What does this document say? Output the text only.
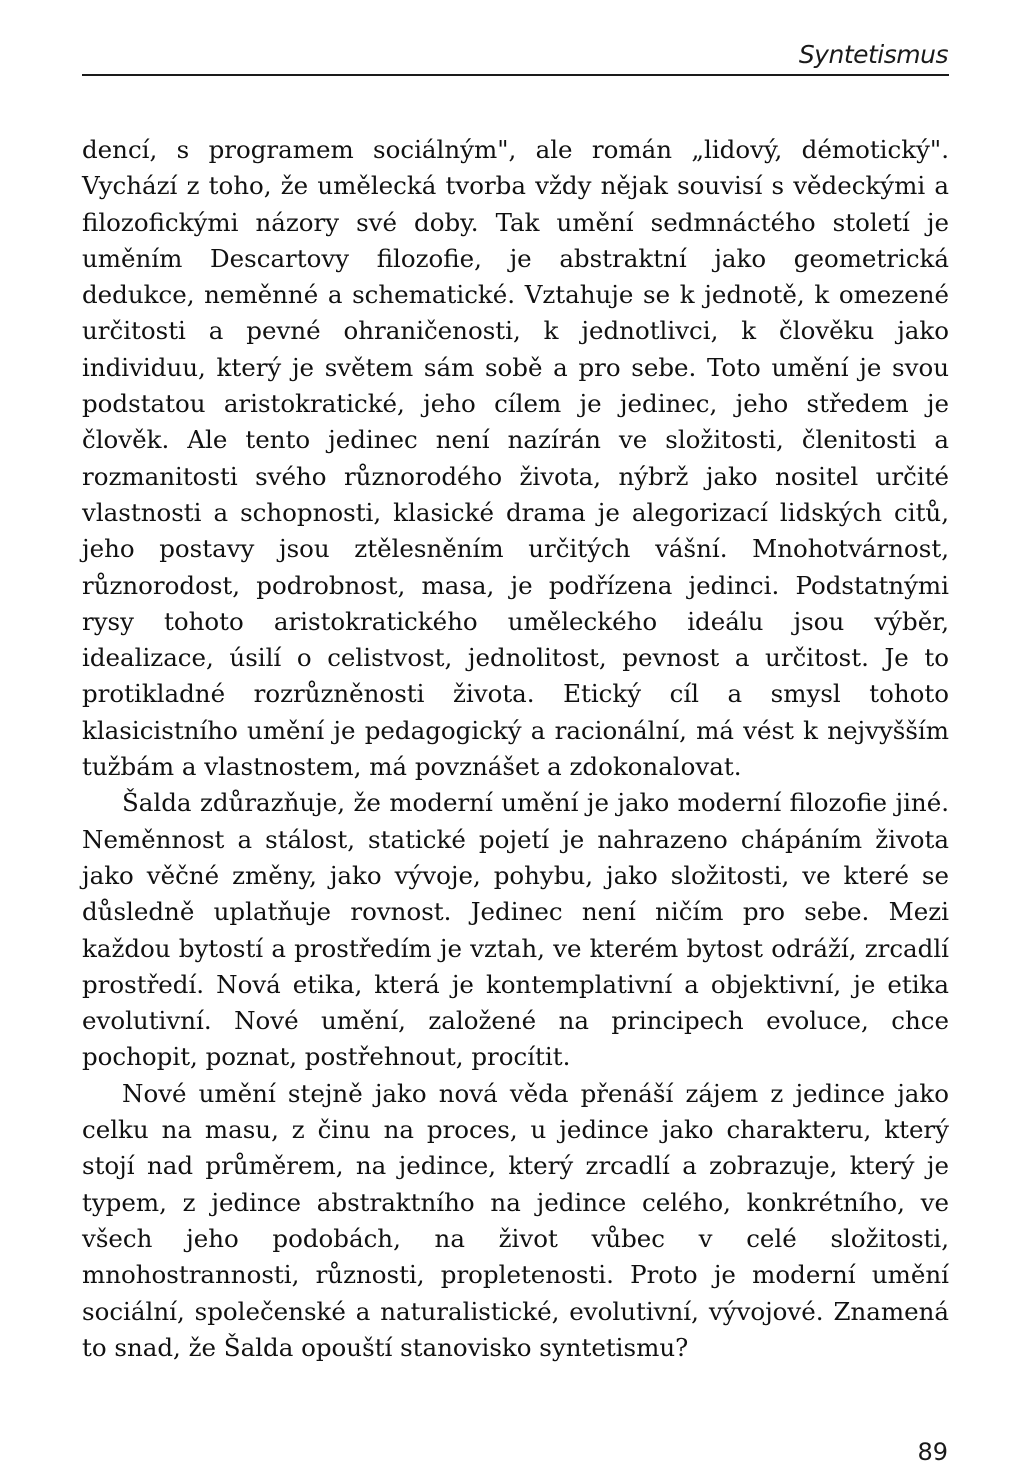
Syntetismus

dencí, s programem sociálným", ale román „lidový, démotický". Vychází z toho, že umělecká tvorba vždy nějak souvisí s vědeckými a filozofickými názory své doby. Tak umění sedmnáctého století je uměním Descartovy filozofie, je abstraktní jako geometrická dedukce, neměnné a schematické. Vztahuje se k jednotě, k omezené určitosti a pevné ohraničenosti, k jednotlivci, k člověku jako individuu, který je světem sám sobě a pro sebe. Toto umění je svou podstatou aristokratické, jeho cílem je jedinec, jeho středem je člověk. Ale tento jedinec není nazírán ve složitosti, členitosti a rozmanitosti svého různorodého života, nýbrž jako nositel určité vlastnosti a schopnosti, klasické drama je alegorizací lidských citů, jeho postavy jsou ztělesněním určitých vášní. Mnohotvárnost, různorodost, podrobnost, masa, je podřízena jedinci. Podstatnými rysy tohoto aristokratického uměleckého ideálu jsou výběr, idealizace, úsilí o celistvost, jednolitost, pevnost a určitost. Je to protikladné rozrůzněnosti života. Etický cíl a smysl tohoto klasicistního umění je pedagogický a racionální, má vést k nejvyšším tužbám a vlastnostem, má povznášet a zdokonalovat.

Šalda zdůrazňuje, že moderní umění je jako moderní filozofie jiné. Neměnnost a stálost, statické pojetí je nahrazeno chápáním života jako věčné změny, jako vývoje, pohybu, jako složitosti, ve které se důsledně uplatňuje rovnost. Jedinec není ničím pro sebe. Mezi každou bytostí a prostředím je vztah, ve kterém bytost odráží, zrcadlí prostředí. Nová etika, která je kontemplativní a objektivní, je etika evolutivní. Nové umění, založené na principech evoluce, chce pochopit, poznat, postřehnout, procítit.

Nové umění stejně jako nová věda přenáší zájem z jedince jako celku na masu, z činu na proces, u jedince jako charakteru, který stojí nad průměrem, na jedince, který zrcadlí a zobrazuje, který je typem, z jedince abstraktního na jedince celého, konkrétního, ve všech jeho podobách, na život vůbec v celé složitosti, mnohostrannosti, různosti, propletenosti. Proto je moderní umění sociální, společenské a naturalistické, evolutivní, vývojové. Znamená to snad, že Šalda opouští stanovisko syntetismu?

89
